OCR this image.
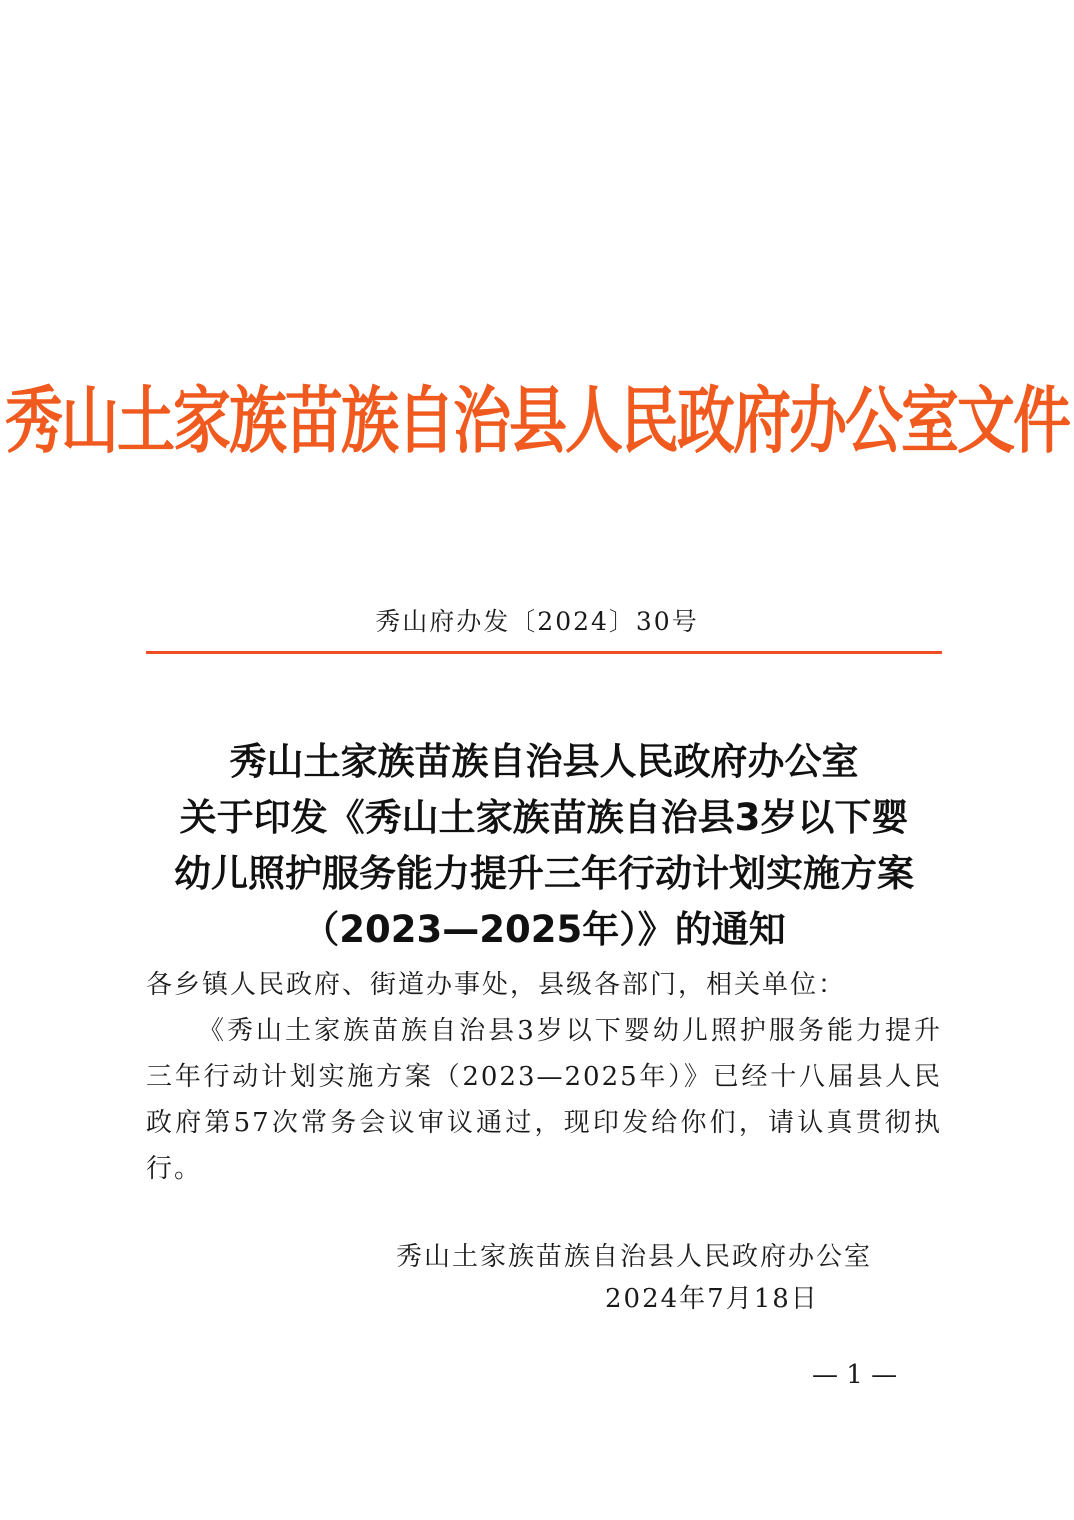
秀山土家族苗族自治县人民政府办公室文件
秀山府办发〔2024〕30号
秀山土家族苗族自治县人民政府办公室
关于印发《秀山土家族苗族自治县3岁以下婴
幼儿照护服务能力提升三年行动计划实施方案
（2023—2025年）》的通知
各乡镇人民政府、街道办事处，县级各部门，相关单位：
《秀山土家族苗族自治县3岁以下婴幼儿照护服务能力提升三年行动计划实施方案（2023—2025年）》已经十八届县人民政府第57次常务会议审议通过，现印发给你们，请认真贯彻执行。
秀山土家族苗族自治县人民政府办公室
2024年7月18日
— 1 —
